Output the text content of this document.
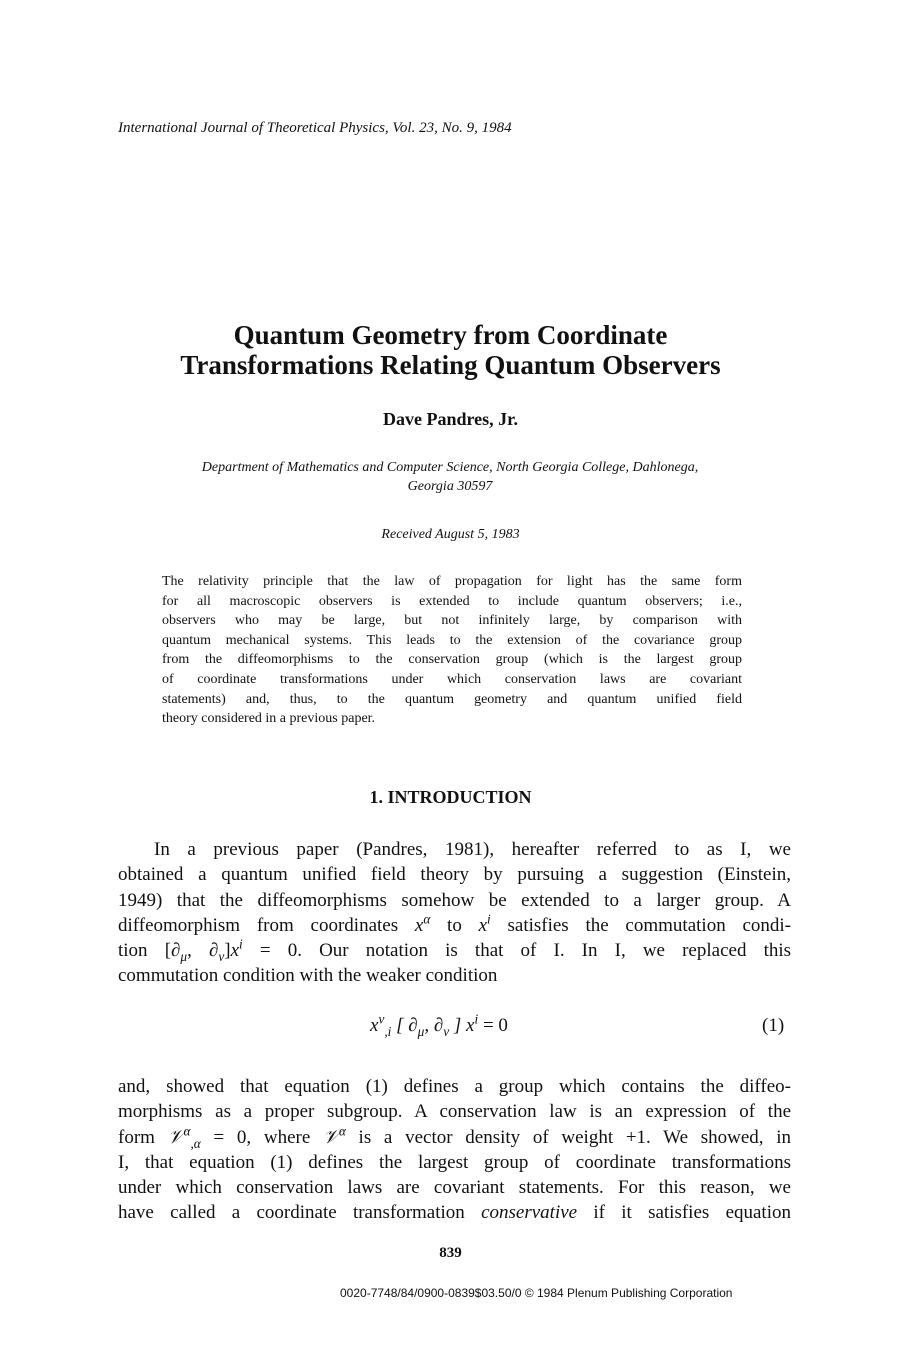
International Journal of Theoretical Physics, Vol. 23, No. 9, 1984
Quantum Geometry from Coordinate
Transformations Relating Quantum Observers
Dave Pandres, Jr.
Department of Mathematics and Computer Science, North Georgia College, Dahlonega,
Georgia 30597
Received August 5, 1983
The relativity principle that the law of propagation for light has the same form
for all macroscopic observers is extended to include quantum observers; i.e.,
observers who may be large, but not infinitely large, by comparison with
quantum mechanical systems. This leads to the extension of the covariance group
from the diffeomorphisms to the conservation group (which is the largest group
of coordinate transformations under which conservation laws are covariant
statements) and, thus, to the quantum geometry and quantum unified field
theory considered in a previous paper.
1. INTRODUCTION
In a previous paper (Pandres, 1981), hereafter referred to as I, we
obtained a quantum unified field theory by pursuing a suggestion (Einstein,
1949) that the diffeomorphisms somehow be extended to a larger group. A
diffeomorphism from coordinates $x^\alpha$ to $x^i$ satisfies the commutation condi-
tion [$\partial_\mu$, $\partial_\nu]x^i = 0$. Our notation is that of I. In I, we replaced this
commutation condition with the weaker condition
$x^\nu_{,i}$ [ $\partial_\mu$, $\partial_\nu$ ] $x^i = 0$	(1)
and, showed that equation (1) defines a group which contains the diffeo-
morphisms as a proper subgroup. A conservation law is an expression of the
form 𝒱$^\alpha_{,\alpha}$ = 0, where 𝒱$^\alpha$ is a vector density of weight +1. We showed, in
I, that equation (1) defines the largest group of coordinate transformations
under which conservation laws are covariant statements. For this reason, we
have called a coordinate transformation conservative if it satisfies equation
839
0020-7748/84/0900-0839$03.50/0 © 1984 Plenum Publishing Corporation
